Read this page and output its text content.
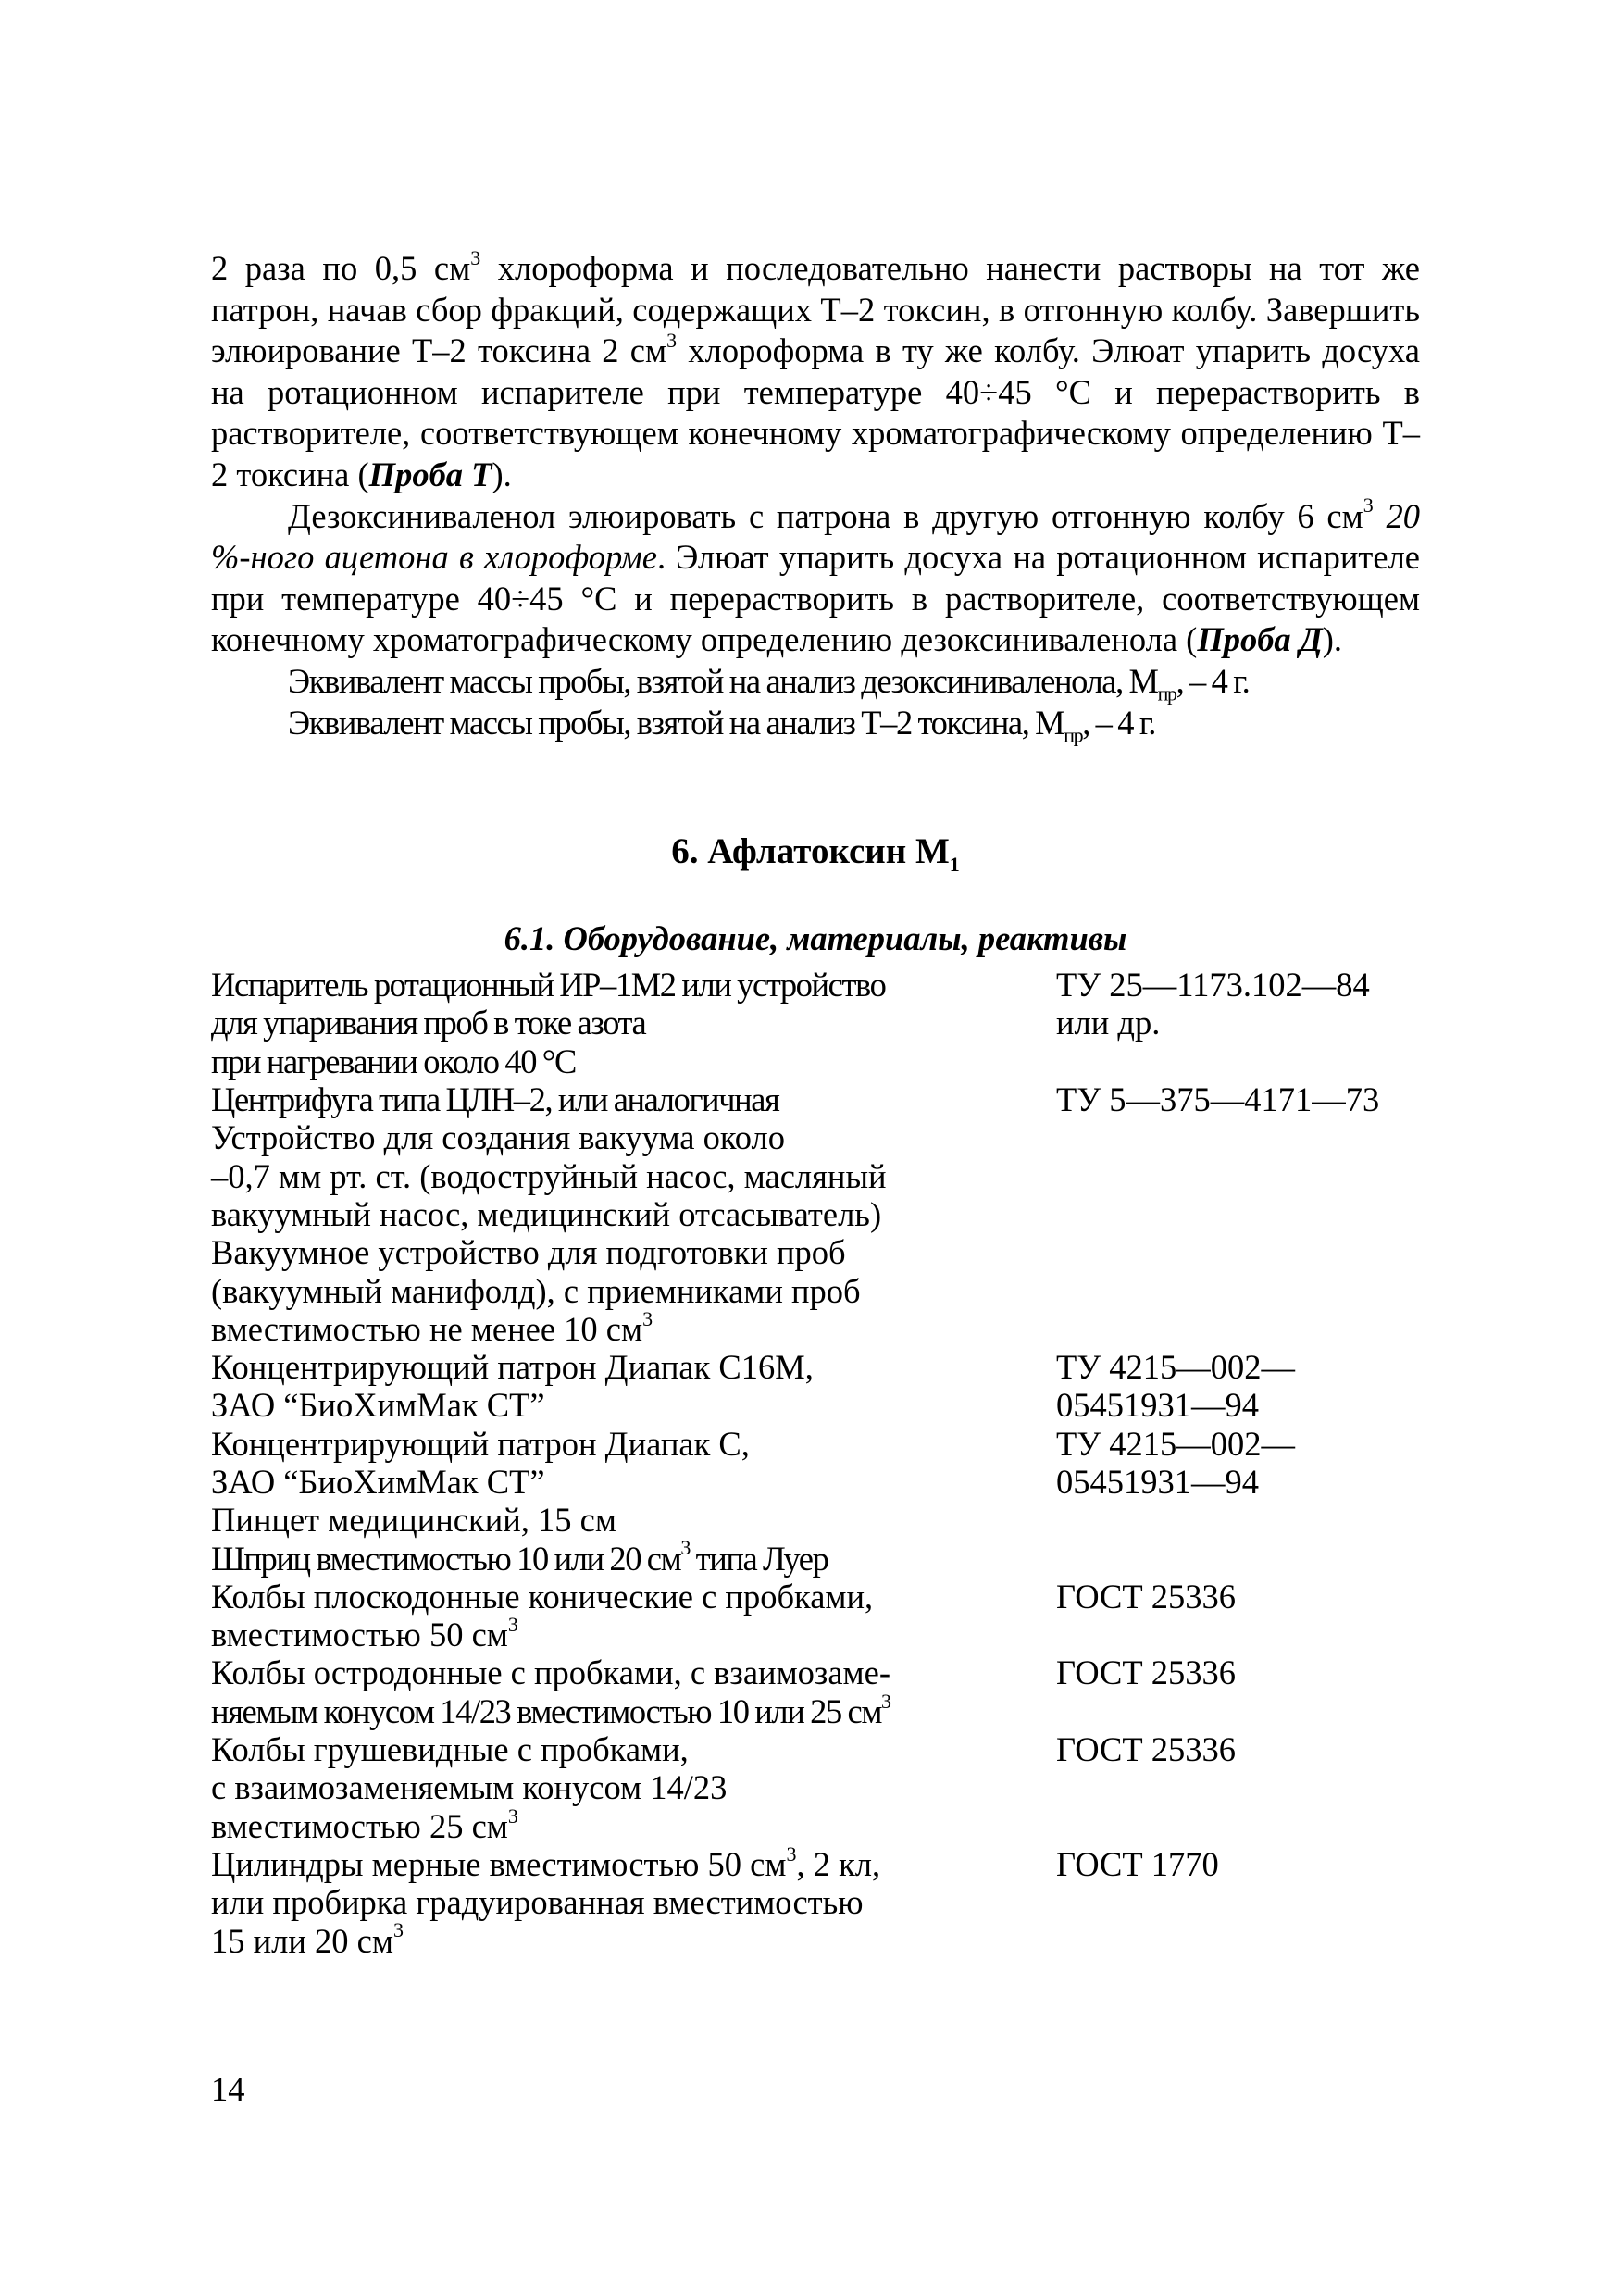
2 раза по 0,5 $см^3$ хлороформа и последовательно нанести растворы на тот же патрон, начав сбор фракций, содержащих Т–2 токсин, в отгонную колбу. Завершить элюирование Т–2 токсина 2 $см^3$ хлороформа в ту же колбу. Элюат упарить досуха на ротационном испарителе при температуре 40÷45 °С и перерастворить в растворителе, соответствующем конечному хроматографическому определению Т–2 токсина (Проба Т).

Дезоксиниваленол элюировать с патрона в другую отгонную колбу 6 $см^3$ 20 %-ного ацетона в хлороформе. Элюат упарить досуха на ротационном испарителе при температуре 40÷45 °С и перерастворить в растворителе, соответствующем конечному хроматографическому определению дезоксиниваленола (Проба Д).

Эквивалент массы пробы, взятой на анализ дезоксиниваленола, $М_{пр}$, – 4 г.

Эквивалент массы пробы, взятой на анализ Т–2 токсина, $М_{пр}$, – 4 г.

6. Афлатоксин $М_1$
6.1. Оборудование, материалы, реактивы
Испаритель ротационный ИР–1М2 или устройство
для упаривания проб в токе азота
при нагревании около 40 °С	ТУ 25—1173.102—84
или др.
Центрифуга типа ЦЛН–2, или аналогичная	ТУ 5—375—4171—73
Устройство для создания вакуума около
–0,7 мм рт. ст. (водоструйный насос, масляный
вакуумный насос, медицинский отсасыватель)	
Вакуумное устройство для подготовки проб
(вакуумный манифолд), с приемниками проб
вместимостью не менее 10 $см^3$	
Концентрирующий патрон Диапак С16М,
ЗАО “БиоХимМак СТ”	ТУ 4215—002—
05451931—94
Концентрирующий патрон Диапак С,
ЗАО “БиоХимМак СТ”	ТУ 4215—002—
05451931—94
Пинцет медицинский, 15 см	
Шприц вместимостью 10 или 20 $см^3$ типа Луер	
Колбы плоскодонные конические с пробками,
вместимостью 50 $см^3$	ГОСТ 25336
Колбы остродонные с пробками, с взаимозаме-
няемым конусом 14/23 вместимостью 10 или 25 $см^3$	ГОСТ 25336
Колбы грушевидные с пробками,
с взаимозаменяемым конусом 14/23
вместимостью 25 $см^3$	ГОСТ 25336
Цилиндры мерные вместимостью 50 $см^3$, 2 кл,
или пробирка градуированная вместимостью
15 или 20 $см^3$	ГОСТ 1770
14
